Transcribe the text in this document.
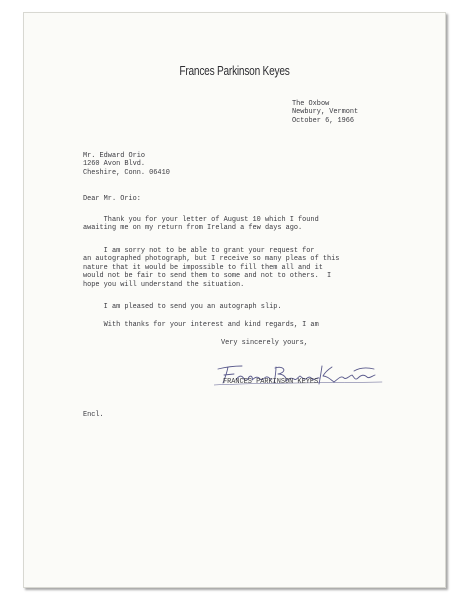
Frances Parkinson Keyes
The Oxbow
Newbury, Vermont
October 6, 1966
Mr. Edward Orio
1260 Avon Blvd.
Cheshire, Conn. 06410
Dear Mr. Orio:
Thank you for your letter of August 10 which I found
awaiting me on my return from Ireland a few days ago.
I am sorry not to be able to grant your request for
an autographed photograph, but I receive so many pleas of this
nature that it would be impossible to fill them all and it
would not be fair to send them to some and not to others.  I
hope you will understand the situation.
I am pleased to send you an autograph slip.
With thanks for your interest and kind regards, I am
Very sincerely yours,
FRANCES PARKINSON KEYES
Encl.
